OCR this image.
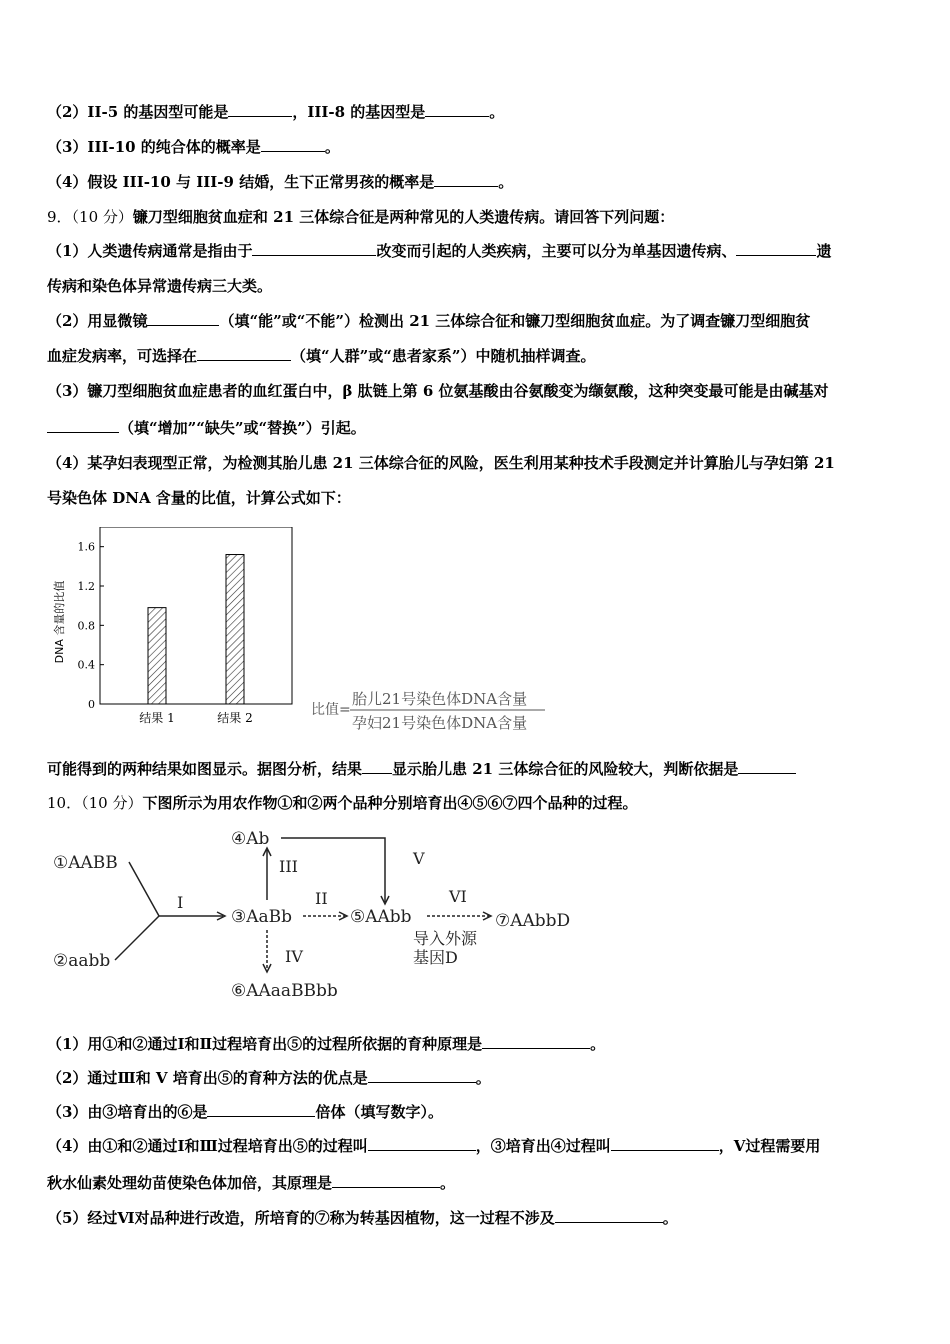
（2）II-5 的基因型可能是	，III-8 的基因型是	。
（3）III-10 的纯合体的概率是	。
（4）假设 III-10 与 III-9 结婚，生下正常男孩的概率是	。
9．（10 分）镰刀型细胞贫血症和 21 三体综合征是两种常见的人类遗传病。请回答下列问题：
（1）人类遗传病通常是指由于	改变而引起的人类疾病，主要可以分为单基因遗传病、	遗
传病和染色体异常遗传病三大类。
（2）用显微镜	（填“能”或“不能”）检测出 21 三体综合征和镰刀型细胞贫血症。为了调查镰刀型细胞贫
血症发病率，可选择在	（填“人群”或“患者家系”）中随机抽样调查。
（3）镰刀型细胞贫血症患者的血红蛋白中，β 肽链上第 6 位氨基酸由谷氨酸变为缬氨酸，这种突变最可能是由碱基对
（填“增加”“缺失”或“替换”）引起。
（4）某孕妇表现型正常，为检测其胎儿患 21 三体综合征的风险，医生利用某种技术手段测定并计算胎儿与孕妇第 21
号染色体 DNA 含量的比值，计算公式如下：
0
0.4
0.8
1.2
1.6
结果 1	结果 2
DNA 含量的比值
比值=
胎儿21号染色体DNA含量
孕妇21号染色体DNA含量
可能得到的两种结果如图显示。据图分析，结果 显示胎儿患 21 三体综合征的风险较大，判断依据是
10．（10 分）下图所示为用农作物①和②两个品种分别培育出④⑤⑥⑦四个品种的过程。
④Ab
①AABB
③AaBb	⑤AAbb	⑦AAbbD
②aabb
⑥AAaaBBbb
I
III
II
V
VI
IV
导入外源
基因D
（1）用①和②通过Ⅰ和Ⅱ过程培育出⑤的过程所依据的育种原理是	。
（2）通过Ⅲ和 V 培育出⑤的育种方法的优点是	。
（3）由③培育出的⑥是	倍体（填写数字）。
（4）由①和②通过Ⅰ和Ⅲ过程培育出⑤的过程叫	，③培育出④过程叫	，Ⅴ过程需要用
秋水仙素处理幼苗使染色体加倍，其原理是	。
（5）经过Ⅵ对品种进行改造，所培育的⑦称为转基因植物，这一过程不涉及	。
